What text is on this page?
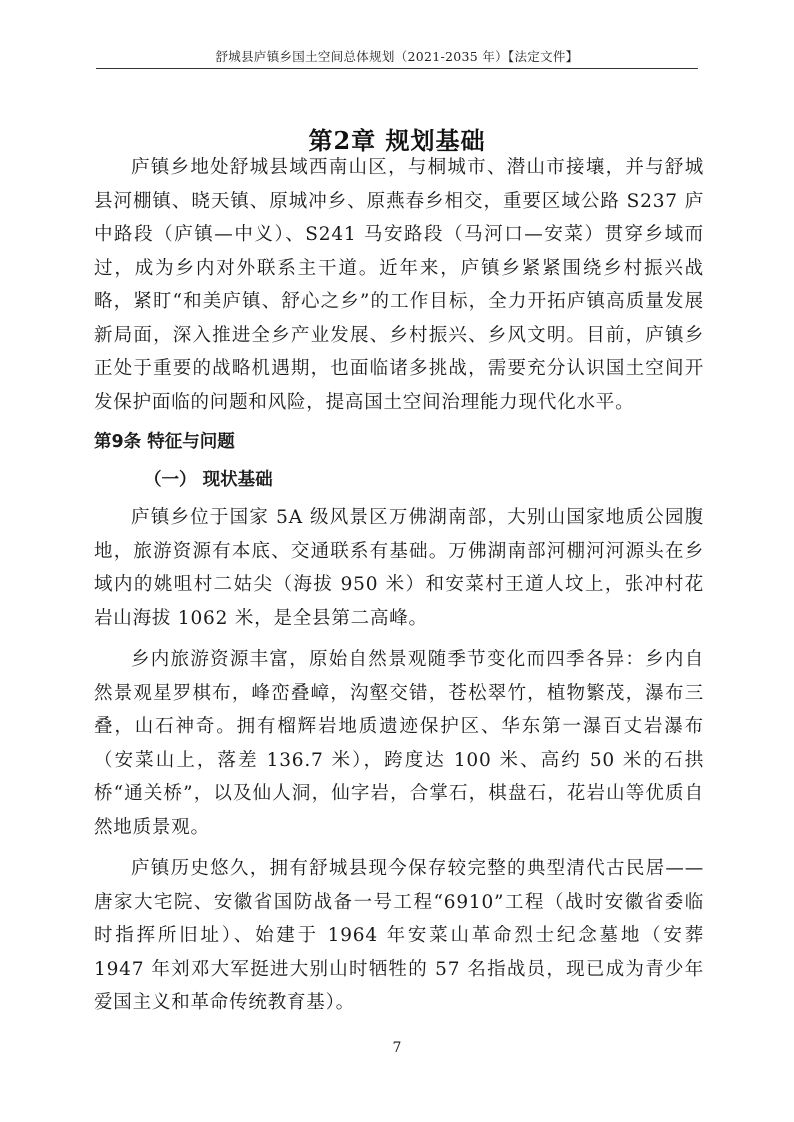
舒城县庐镇乡国土空间总体规划（2021-2035 年）【法定文件】
第2章 规划基础

庐镇乡地处舒城县域西南山区，与桐城市、潜山市接壤，并与舒城县河棚镇、晓天镇、原城冲乡、原燕春乡相交，重要区域公路 S237 庐中路段（庐镇—中义）、S241 马安路段（马河口—安菜）贯穿乡域而过，成为乡内对外联系主干道。近年来，庐镇乡紧紧围绕乡村振兴战略，紧盯“和美庐镇、舒心之乡”的工作目标，全力开拓庐镇高质量发展新局面，深入推进全乡产业发展、乡村振兴、乡风文明。目前，庐镇乡正处于重要的战略机遇期，也面临诸多挑战，需要充分认识国土空间开发保护面临的问题和风险，提高国土空间治理能力现代化水平。

第9条 特征与问题
（一） 现状基础

庐镇乡位于国家 5A 级风景区万佛湖南部，大别山国家地质公园腹地，旅游资源有本底、交通联系有基础。万佛湖南部河棚河河源头在乡域内的姚咀村二姑尖（海拔 950 米）和安菜村王道人坟上，张冲村花岩山海拔 1062 米，是全县第二高峰。

乡内旅游资源丰富，原始自然景观随季节变化而四季各异：乡内自然景观星罗棋布，峰峦叠嶂，沟壑交错，苍松翠竹，植物繁茂，瀑布三叠，山石神奇。拥有榴辉岩地质遗迹保护区、华东第一瀑百丈岩瀑布（安菜山上，落差 136.7 米），跨度达 100 米、高约 50 米的石拱桥“通关桥”，以及仙人洞，仙字岩，合掌石，棋盘石，花岩山等优质自然地质景观。

庐镇历史悠久，拥有舒城县现今保存较完整的典型清代古民居——唐家大宅院、安徽省国防战备一号工程“6910”工程（战时安徽省委临时指挥所旧址）、始建于 1964 年安菜山革命烈士纪念墓地（安葬 1947 年刘邓大军挺进大别山时牺牲的 57 名指战员，现已成为青少年爱国主义和革命传统教育基）。

7
